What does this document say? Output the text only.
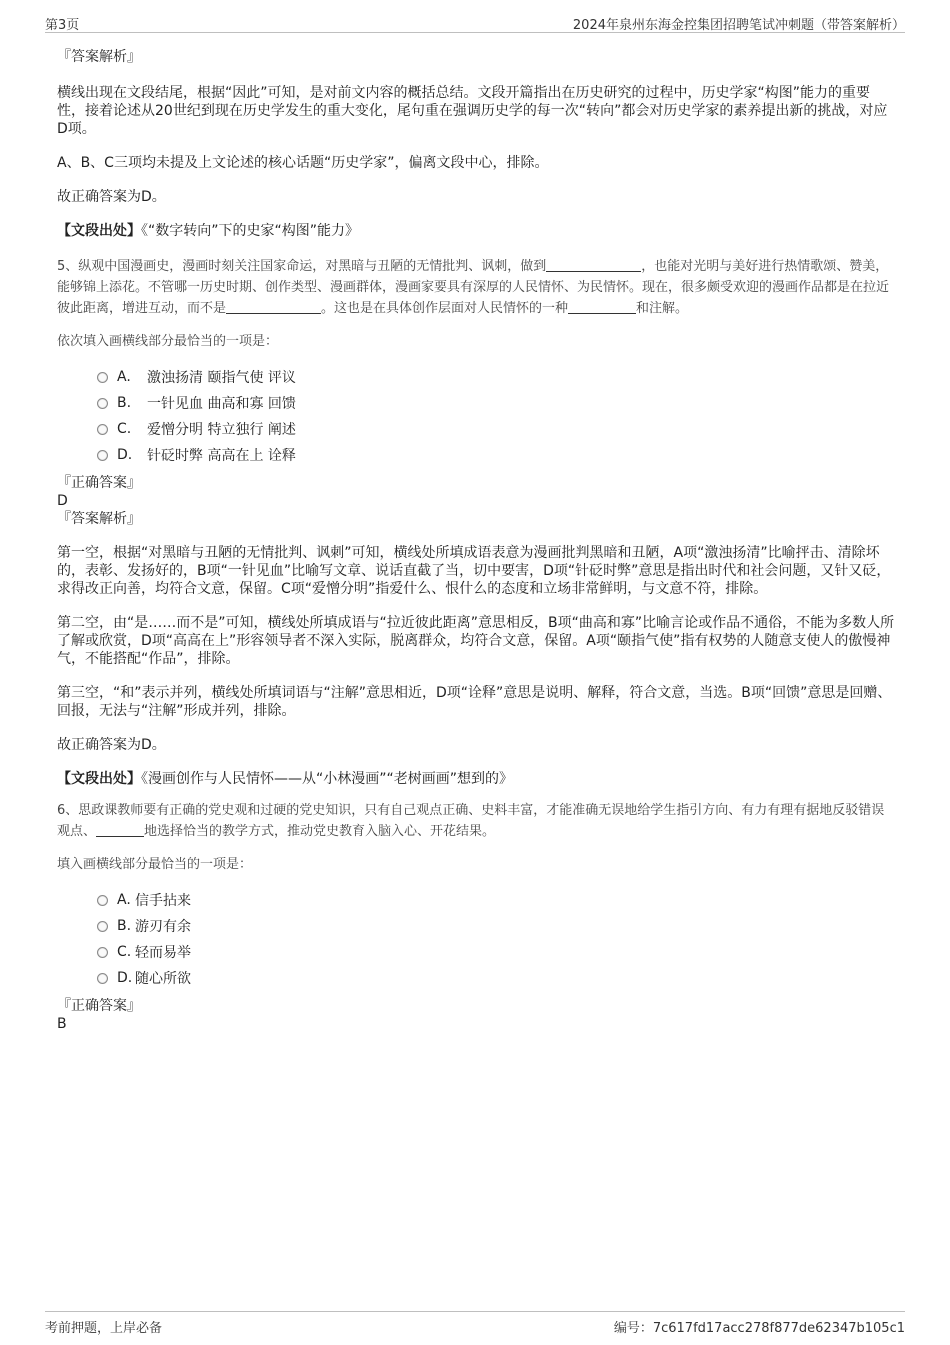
第3页	2024年泉州东海金控集团招聘笔试冲刺题（带答案解析）

『答案解析』

横线出现在文段结尾，根据“因此”可知，是对前文内容的概括总结。文段开篇指出在历史研究的过程中，历史学家“构图”能力的重要性，接着论述从20世纪到现在历史学发生的重大变化，尾句重在强调历史学的每一次“转向”都会对历史学家的素养提出新的挑战，对应D项。

A、B、C三项均未提及上文论述的核心话题“历史学家”，偏离文段中心，排除。

故正确答案为D。

【文段出处】《“数字转向”下的史家“构图”能力》

5、纵观中国漫画史，漫画时刻关注国家命运，对黑暗与丑陋的无情批判、讽刺，做到	，也能对光明与美好进行热情歌颂、赞美，能够锦上添花。不管哪一历史时期、创作类型、漫画群体，漫画家要具有深厚的人民情怀、为民情怀。现在，很多颇受欢迎的漫画作品都是在拉近彼此距离，增进互动，而不是	。这也是在具体创作层面对人民情怀的一种	和注解。

依次填入画横线部分最恰当的一项是：

A.	激浊扬清 颐指气使 评议
B.	一针见血 曲高和寡 回馈
C.	爱憎分明 特立独行 阐述
D.	针砭时弊 高高在上 诠释

『正确答案』

D

『答案解析』

第一空，根据“对黑暗与丑陋的无情批判、讽刺”可知，横线处所填成语表意为漫画批判黑暗和丑陋，A项“激浊扬清”比喻抨击、清除坏的，表彰、发扬好的，B项“一针见血”比喻写文章、说话直截了当，切中要害，D项“针砭时弊”意思是指出时代和社会问题，又针又砭，求得改正向善，均符合文意，保留。C项“爱憎分明”指爱什么、恨什么的态度和立场非常鲜明，与文意不符，排除。

第二空，由“是……而不是”可知，横线处所填成语与“拉近彼此距离”意思相反，B项“曲高和寡”比喻言论或作品不通俗，不能为多数人所了解或欣赏，D项“高高在上”形容领导者不深入实际，脱离群众，均符合文意，保留。A项“颐指气使”指有权势的人随意支使人的傲慢神气，不能搭配“作品”，排除。

第三空，“和”表示并列，横线处所填词语与“注解”意思相近，D项“诠释”意思是说明、解释，符合文意，当选。B项“回馈”意思是回赠、回报，无法与“注解”形成并列，排除。

故正确答案为D。

【文段出处】《漫画创作与人民情怀——从“小林漫画”“老树画画”想到的》

6、思政课教师要有正确的党史观和过硬的党史知识，只有自己观点正确、史料丰富，才能准确无误地给学生指引方向、有力有理有据地反驳错误观点、	地选择恰当的教学方式，推动党史教育入脑入心、开花结果。

填入画横线部分最恰当的一项是：

A. 信手拈来
B. 游刃有余
C. 轻而易举
D. 随心所欲

『正确答案』

B

考前押题，上岸必备	编号：7c617fd17acc278f877de62347b105c1
